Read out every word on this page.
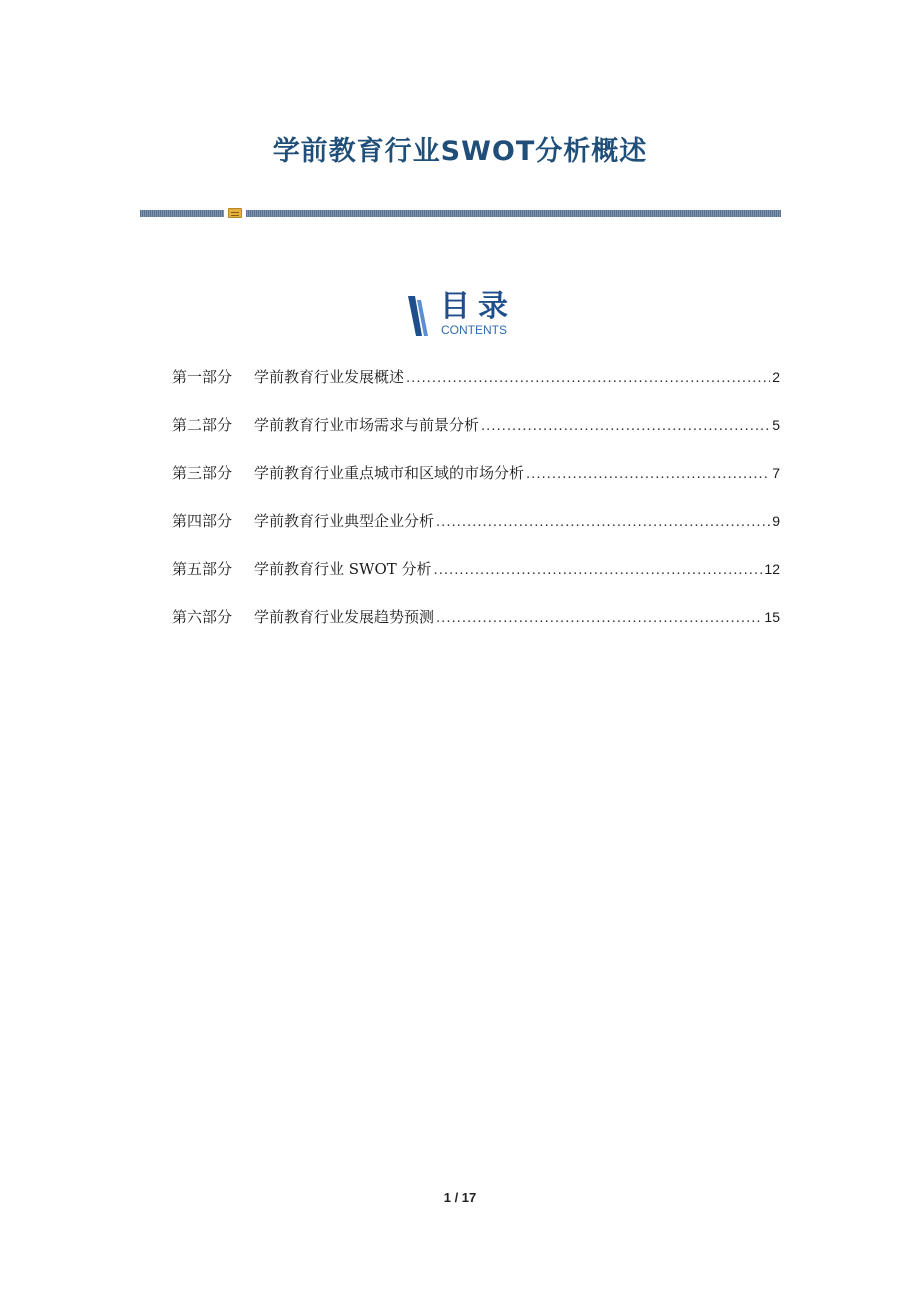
学前教育行业SWOT分析概述
目录
CONTENTS
第一部分	学前教育行业发展概述 .....	2
第二部分	学前教育行业市场需求与前景分析 .....	5
第三部分	学前教育行业重点城市和区域的市场分析 .....	7
第四部分	学前教育行业典型企业分析 .....	9
第五部分	学前教育行业 SWOT 分析 .....	12
第六部分	学前教育行业发展趋势预测 .....	15
1 / 17
